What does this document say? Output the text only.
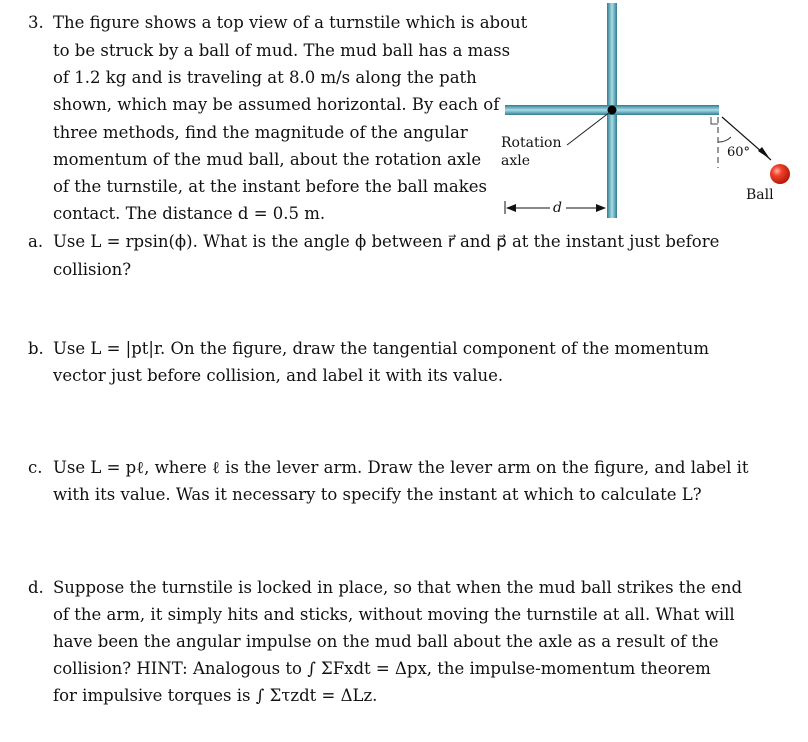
Rotation
axle
60°
Ball
d
3. The figure shows a top view of a turnstile which is about
to be struck by a ball of mud. The mud ball has a mass
of 1.2 kg and is traveling at 8.0 m/s along the path
shown, which may be assumed horizontal. By each of
three methods, find the magnitude of the angular
momentum of the mud ball, about the rotation axle
of the turnstile, at the instant before the ball makes
contact. The distance d = 0.5 m.
a. Use L = rpsin(ϕ). What is the angle ϕ between r⃗ and p⃗ at the instant just before
collision?
b. Use L = |pt|r. On the figure, draw the tangential component of the momentum
vector just before collision, and label it with its value.
c. Use L = pℓ, where ℓ is the lever arm. Draw the lever arm on the figure, and label it
with its value. Was it necessary to specify the instant at which to calculate L?
d. Suppose the turnstile is locked in place, so that when the mud ball strikes the end
of the arm, it simply hits and sticks, without moving the turnstile at all. What will
have been the angular impulse on the mud ball about the axle as a result of the
collision? HINT: Analogous to ∫ ΣFxdt = Δpx, the impulse-momentum theorem
for impulsive torques is ∫ Στzdt = ΔLz.
